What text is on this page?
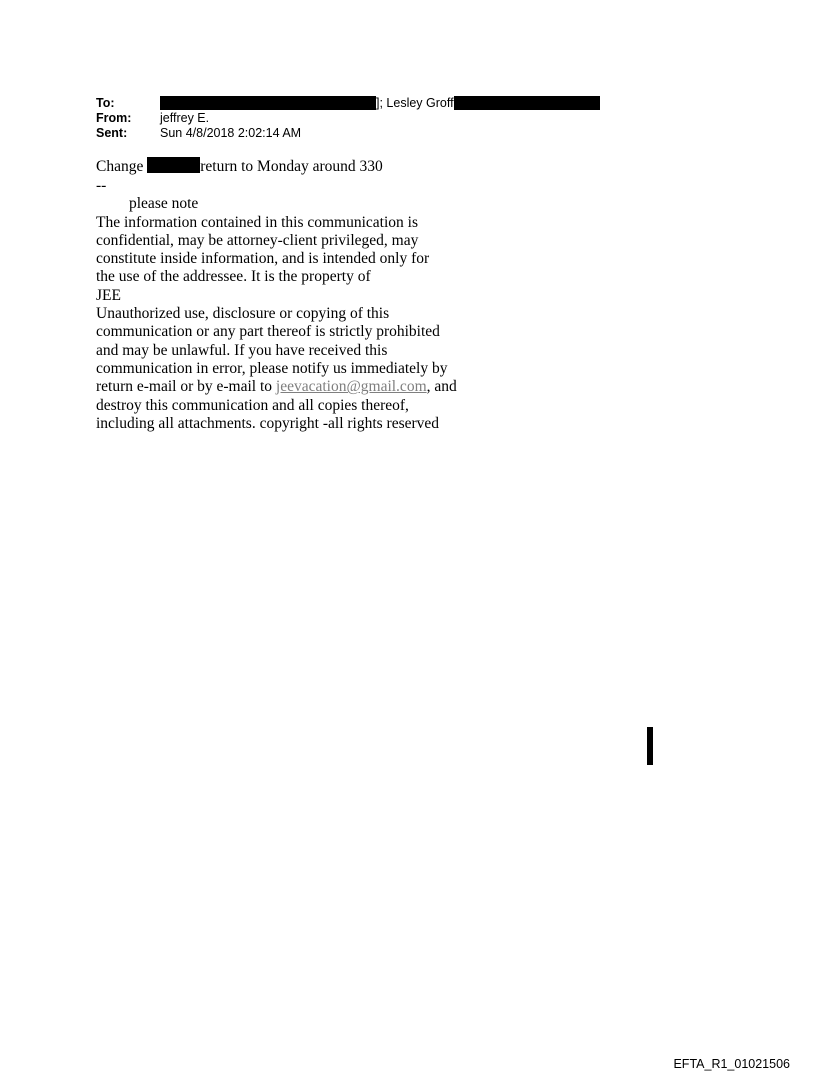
To:	]; Lesley Groff
From: jeffrey E.
Sent:	Sun 4/8/2018 2:02:14 AM
Change	return to Monday around 330
--
please note
The information contained in this communication is
confidential, may be attorney-client privileged, may
constitute inside information, and is intended only for
the use of the addressee. It is the property of
JEE
Unauthorized use, disclosure or copying of this
communication or any part thereof is strictly prohibited
and may be unlawful. If you have received this
communication in error, please notify us immediately by
return e-mail or by e-mail to jeevacation@gmail.com, and
destroy this communication and all copies thereof,
including all attachments. copyright -all rights reserved
EFTA_R1_01021506
